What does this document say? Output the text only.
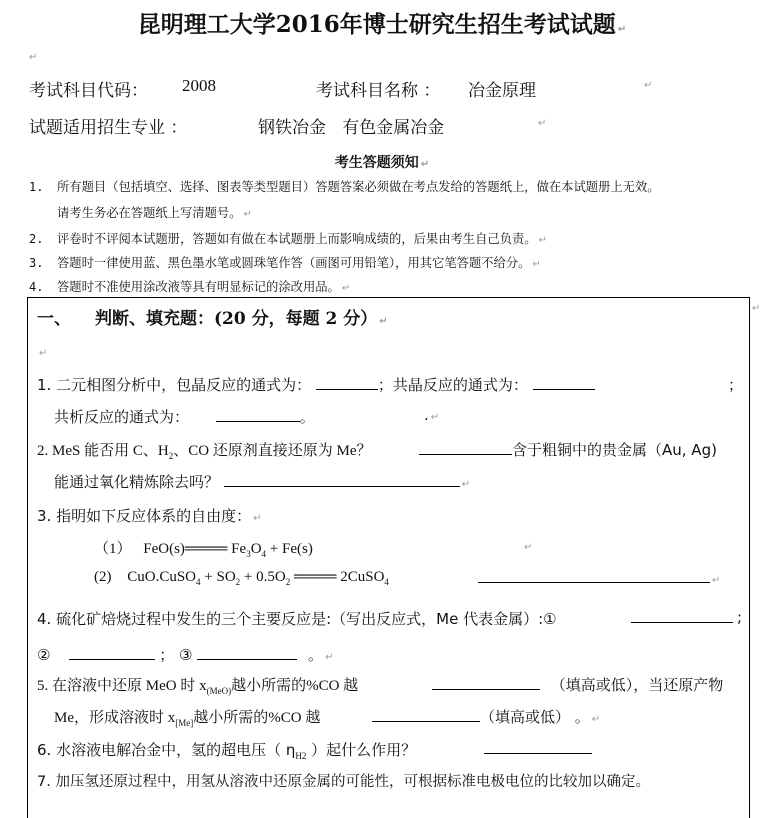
昆明理工大学2016年博士研究生招生考试试题 ↵
↵
考试科目代码： 2008	考试科目名称 ： 冶金原理	↵
试题适用招生专业 ：	钢铁冶金   有色金属冶金	↵
考生答题须知 ↵
1. 所有题目（包括填空、选择、图表等类型题目）答题答案必须做在考点发给的答题纸上，做在本试题册上无效。
请考生务必在答题纸上写清题号。 ↵
2. 评卷时不评阅本试题册，答题如有做在本试题册上而影响成绩的，后果由考生自己负责。 ↵
3. 答题时一律使用蓝、黑色墨水笔或圆珠笔作答（画图可用铅笔），用其它笔答题不给分。 ↵
4. 答题时不准使用涂改液等具有明显标记的涂改用品。 ↵
↵
一、 判断、填充题：(20 分，每题 2 分） ↵
↵
1. 二元相图分析中，包晶反应的通式为：	；共晶反应的通式为：	；
共析反应的通式为：	。	. ↵
2. MeS 能否用 C、$H_2$、CO 还原剂直接还原为 Me？	含于粗铜中的贵金属（Au, Ag)
能通过氧化精炼除去吗？	↵
3. 指明如下反应体系的自由度： ↵
（1） FeO(s)════ $Fe_3O_4 + Fe(s)$	↵
(2) CuO.CuSO$_4$ + $SO_2 + 0.5O_2$ ════ 2CuSO$_4$	↵
4. 硫化矿焙烧过程中发生的三个主要反应是:（写出反应式，Me 代表金属）:①	;
②	； ③	。 ↵
5. 在溶液中还原 MeO 时 $x_{(MeO)}$越小所需的%CO 越	（填高或低），当还原产物
Me，形成溶液时 $x_{[Me]}$越小所需的%CO 越	（填高或低） 。 ↵
6. 水溶液电解冶金中，氢的超电压（ $\eta_{H2}$ ）起什么作用？
7. 加压氢还原过程中，用氢从溶液中还原金属的可能性，可根据标准电极电位的比较加以确定。
